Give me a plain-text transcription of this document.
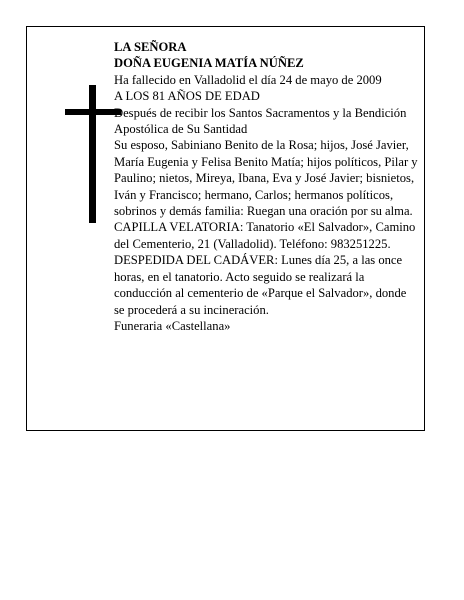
LA SEÑORA

DOÑA EUGENIA MATÍA NÚÑEZ

Ha fallecido en Valladolid el día 24 de mayo de 2009

A LOS 81 AÑOS DE EDAD

Después de recibir los Santos Sacramentos y la Bendición Apostólica de Su Santidad

Su esposo, Sabiniano Benito de la Rosa; hijos, José Javier, María Eugenia y Felisa Benito Matía; hijos políticos, Pilar y Paulino; nietos, Mireya, Ibana, Eva y José Javier; bisnietos, Iván y Francisco; hermano, Carlos; hermanos políticos, sobrinos y demás familia: Ruegan una oración por su alma.

CAPILLA VELATORIA: Tanatorio «El Salvador», Camino del Cementerio, 21 (Valladolid). Teléfono: 983251225.

DESPEDIDA DEL CADÁVER: Lunes día 25, a las once horas, en el tanatorio. Acto seguido se realizará la conducción al cementerio de «Parque el Salvador», donde se procederá a su incineración.

Funeraria «Castellana»
